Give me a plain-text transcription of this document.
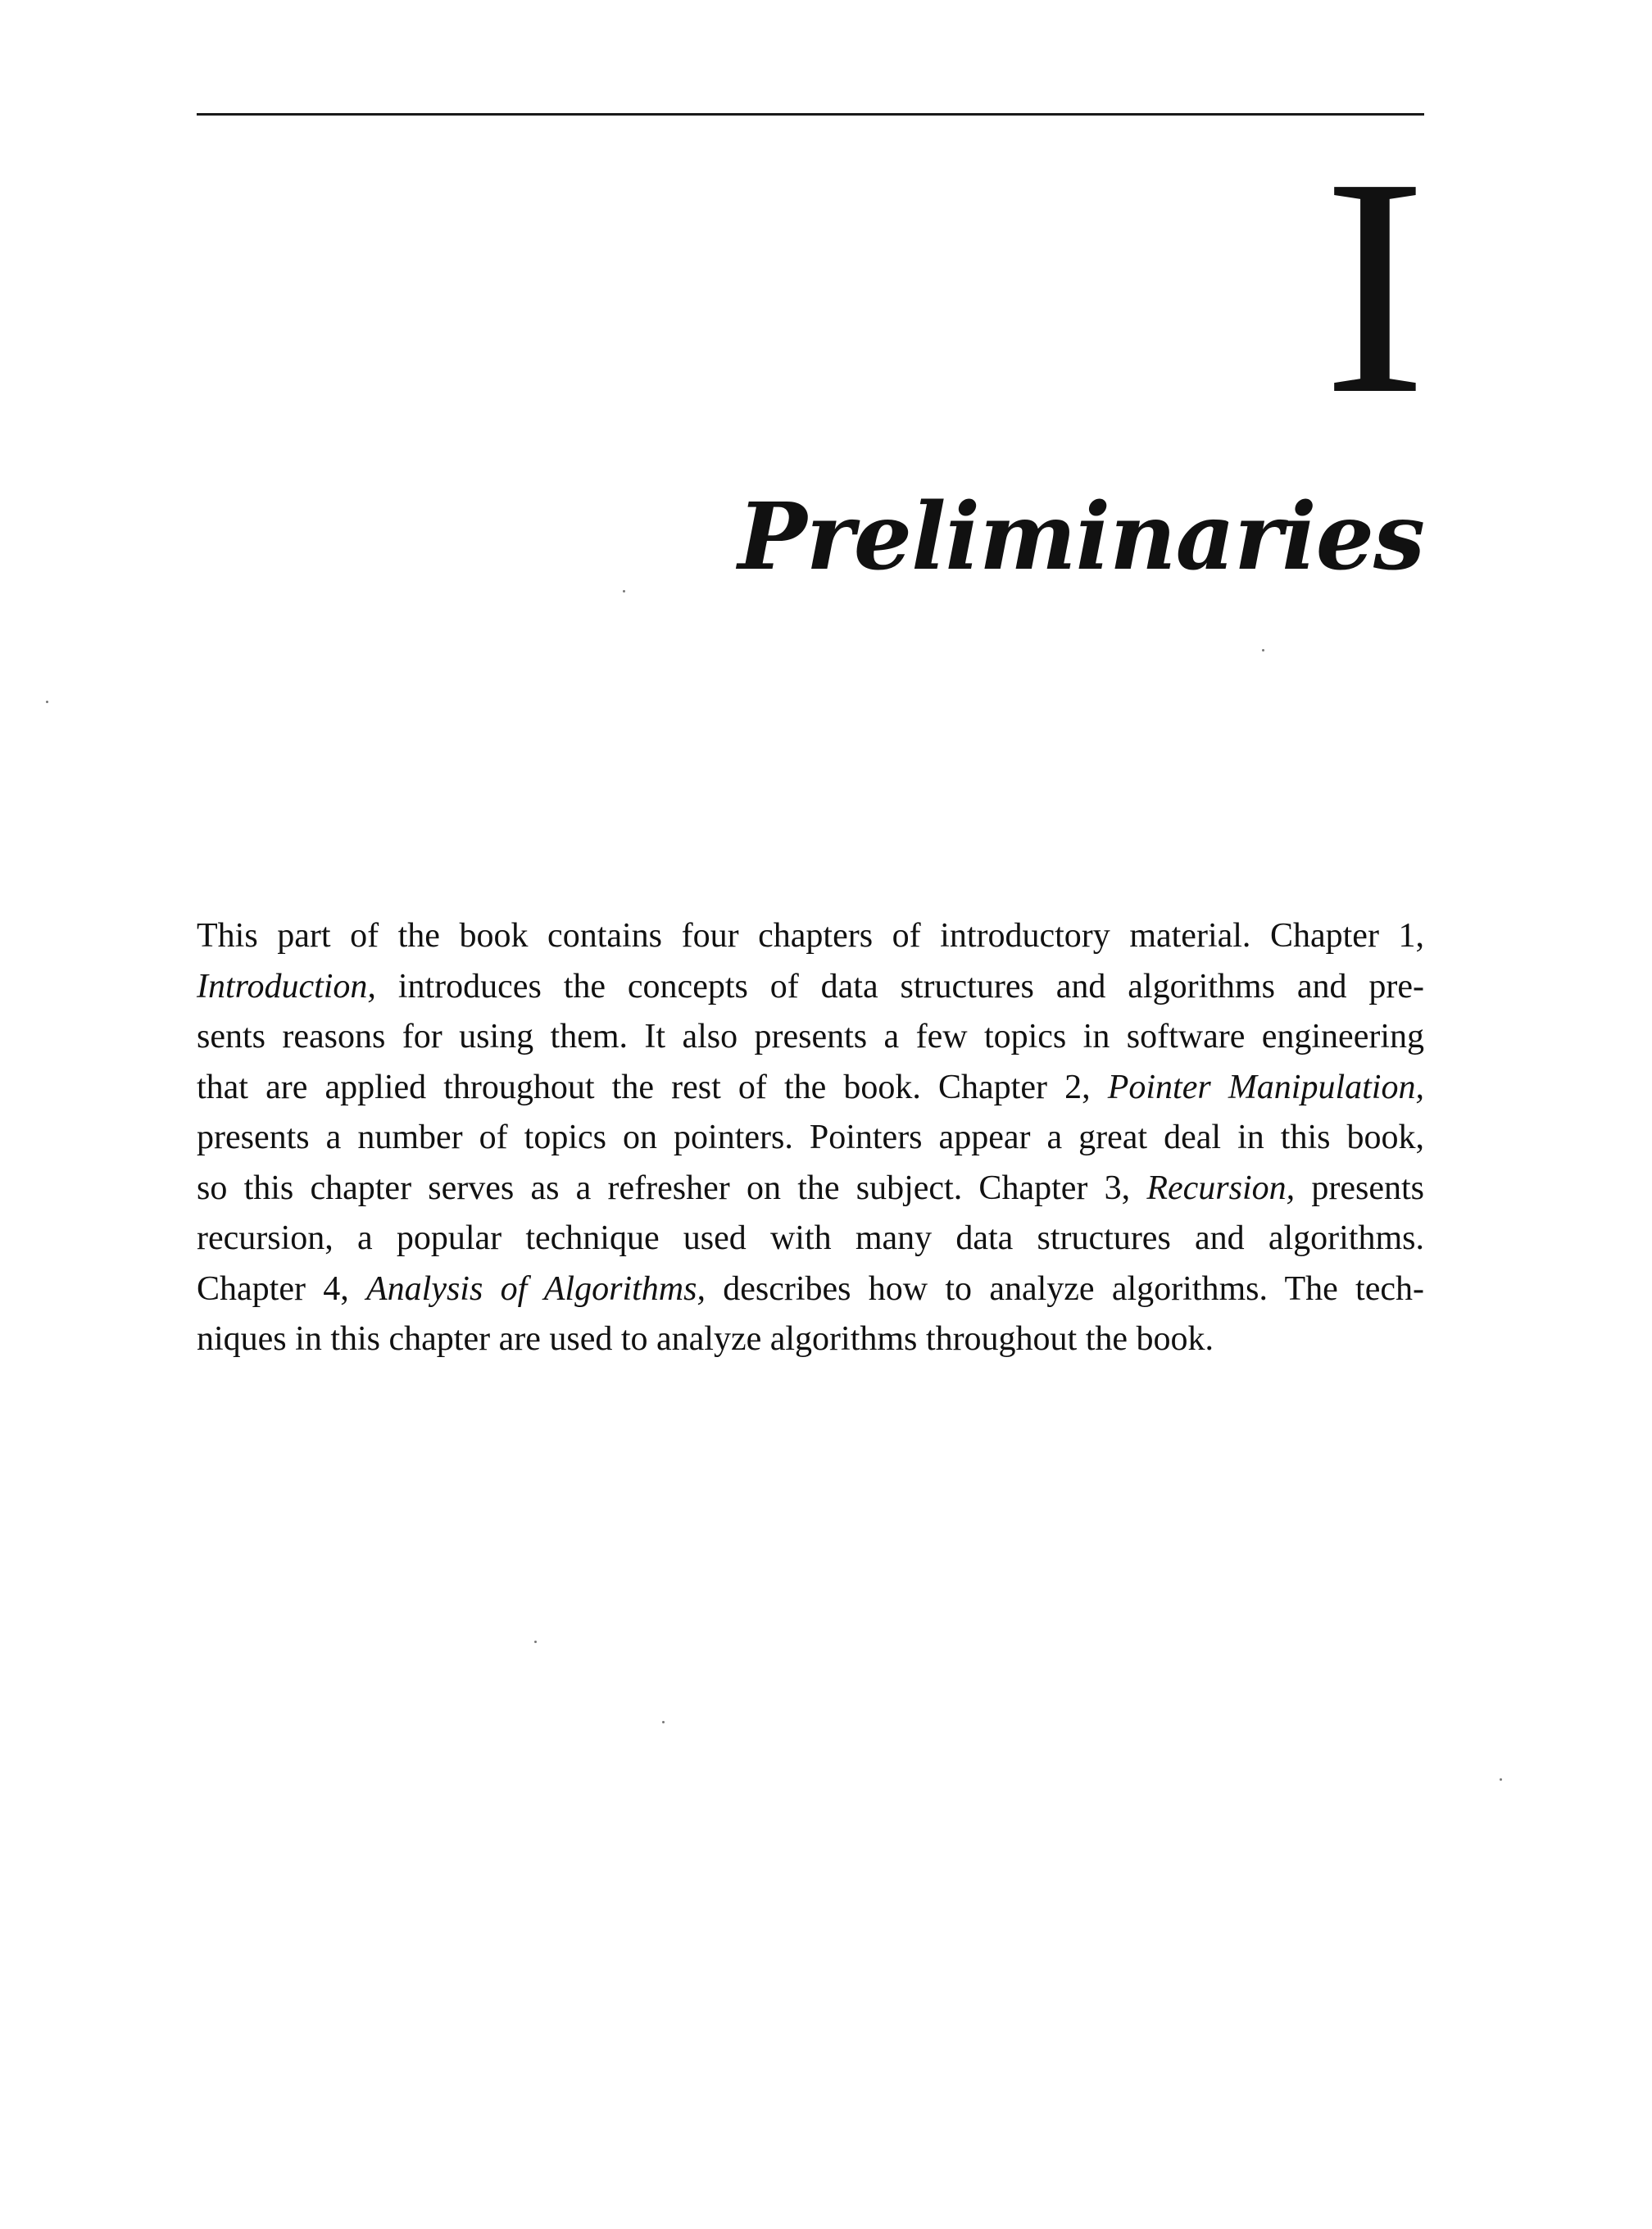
I
Preliminaries

This part of the book contains four chapters of introductory material. Chapter 1,
Introduction, introduces the concepts of data structures and algorithms and pre-
sents reasons for using them. It also presents a few topics in software engineering
that are applied throughout the rest of the book. Chapter 2, Pointer Manipulation,
presents a number of topics on pointers. Pointers appear a great deal in this book,
so this chapter serves as a refresher on the subject. Chapter 3, Recursion, presents
recursion, a popular technique used with many data structures and algorithms.
Chapter 4, Analysis of Algorithms, describes how to analyze algorithms. The tech-
niques in this chapter are used to analyze algorithms throughout the book.
